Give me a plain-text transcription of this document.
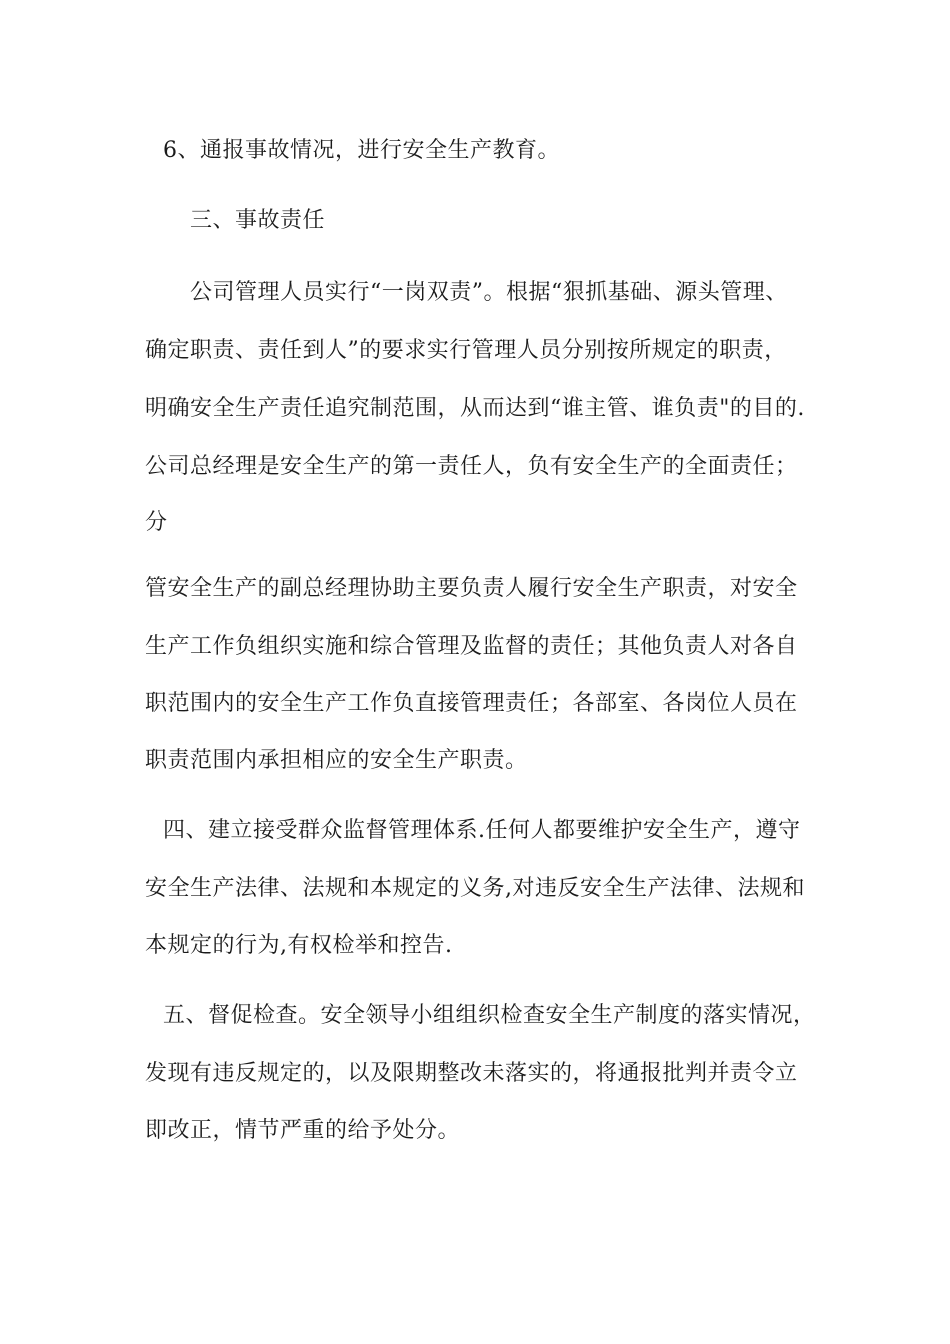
6、通报事故情况，进行安全生产教育。
三、事故责任
公司管理人员实行“一岗双责”。根据“狠抓基础、源头管理、
确定职责、责任到人”的要求实行管理人员分别按所规定的职责，
明确安全生产责任追究制范围，从而达到“谁主管、谁负责"的目的.
公司总经理是安全生产的第一责任人，负有安全生产的全面责任；
分
管安全生产的副总经理协助主要负责人履行安全生产职责，对安全
生产工作负组织实施和综合管理及监督的责任；其他负责人对各自
职范围内的安全生产工作负直接管理责任；各部室、各岗位人员在
职责范围内承担相应的安全生产职责。
四、建立接受群众监督管理体系.任何人都要维护安全生产，遵守
安全生产法律、法规和本规定的义务,对违反安全生产法律、法规和
本规定的行为,有权检举和控告.
五、督促检查。安全领导小组组织检查安全生产制度的落实情况，
发现有违反规定的，以及限期整改未落实的，将通报批判并责令立
即改正，情节严重的给予处分。
